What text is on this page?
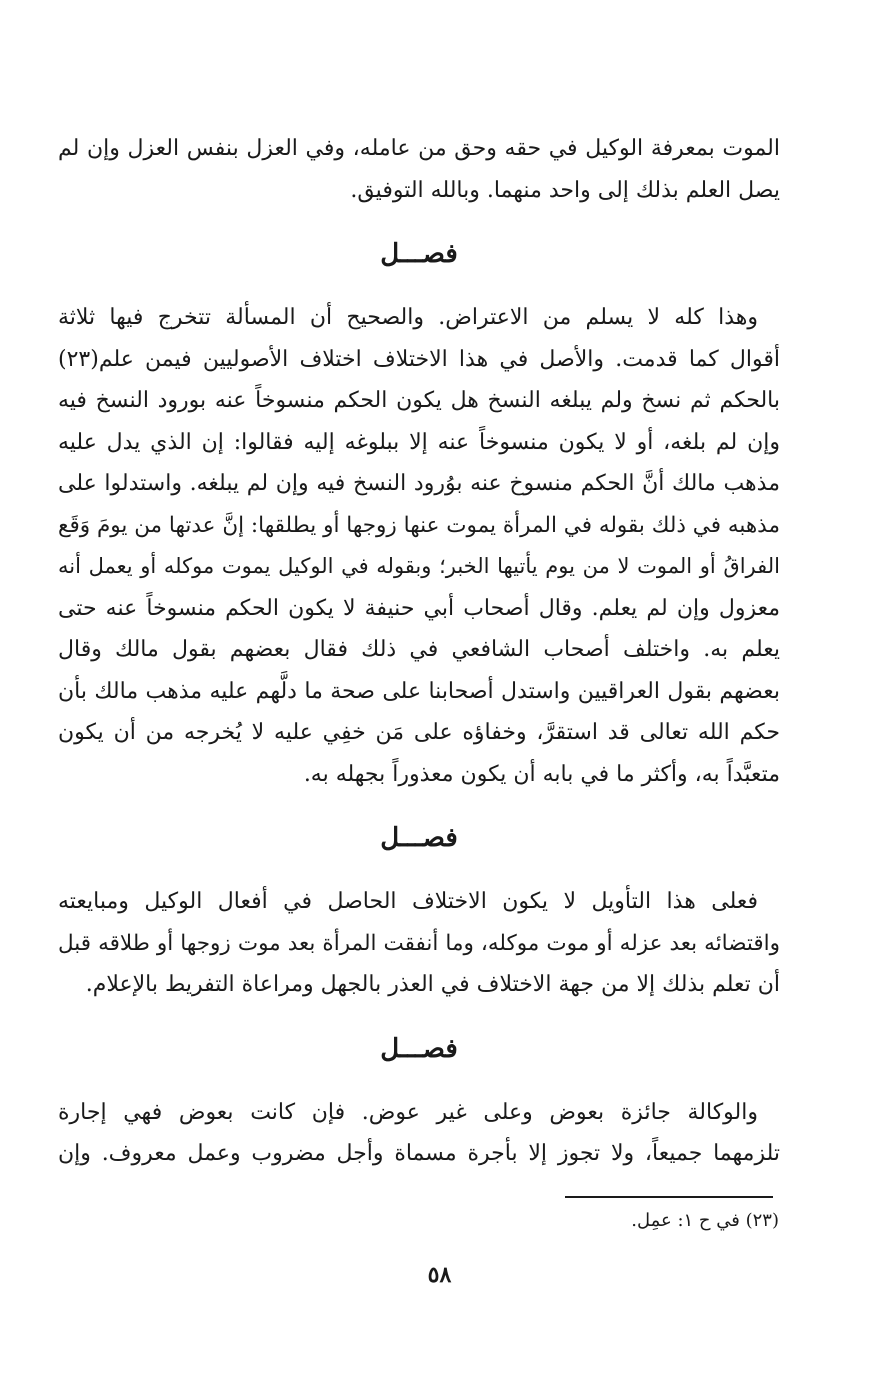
الموت بمعرفة الوكيل في حقه وحق من عامله، وفي العزل بنفس العزل وإن لم
يصل العلم بذلك إلى واحد منهما. وبالله التوفيق.

فصـــل

وهذا كله لا يسلم من الاعتراض. والصحيح أن المسألة تتخرج فيها ثلاثة
أقوال كما قدمت. والأصل في هذا الاختلاف اختلاف الأصوليين فيمن علم(٢٣)
بالحكم ثم نسخ ولم يبلغه النسخ هل يكون الحكم منسوخاً عنه بورود النسخ فيه
وإن لم بلغه، أو لا يكون منسوخاً عنه إلا ببلوغه إليه فقالوا: إن الذي يدل عليه
مذهب مالك أنَّ الحكم منسوخ عنه بوُرود النسخ فيه وإن لم يبلغه. واستدلوا على
مذهبه في ذلك بقوله في المرأة يموت عنها زوجها أو يطلقها: إنَّ عدتها من يومَ وَقَع
الفراقُ أو الموت لا من يوم يأتيها الخبر؛ وبقوله في الوكيل يموت موكله أو يعمل أنه
معزول وإن لم يعلم. وقال أصحاب أبي حنيفة لا يكون الحكم منسوخاً عنه حتى
يعلم به. واختلف أصحاب الشافعي في ذلك فقال بعضهم بقول مالك وقال
بعضهم بقول العراقيين واستدل أصحابنا على صحة ما دلَّهم عليه مذهب مالك بأن
حكم الله تعالى قد استقرَّ، وخفاؤه على مَن خفِي عليه لا يُخرجه من أن يكون
متعبَّداً به، وأكثر ما في بابه أن يكون معذوراً بجهله به.

فصـــل

فعلى هذا التأويل لا يكون الاختلاف الحاصل في أفعال الوكيل ومبايعته
واقتضائه بعد عزله أو موت موكله، وما أنفقت المرأة بعد موت زوجها أو طلاقه قبل
أن تعلم بذلك إلا من جهة الاختلاف في العذر بالجهل ومراعاة التفريط بالإعلام.

فصـــل

والوكالة جائزة بعوض وعلى غير عوض. فإن كانت بعوض فهي إجارة
تلزمهما جميعاً، ولا تجوز إلا بأجرة مسماة وأجل مضروب وعمل معروف. وإن

(٢٣) في ح ١: عمِل.
٥٨
